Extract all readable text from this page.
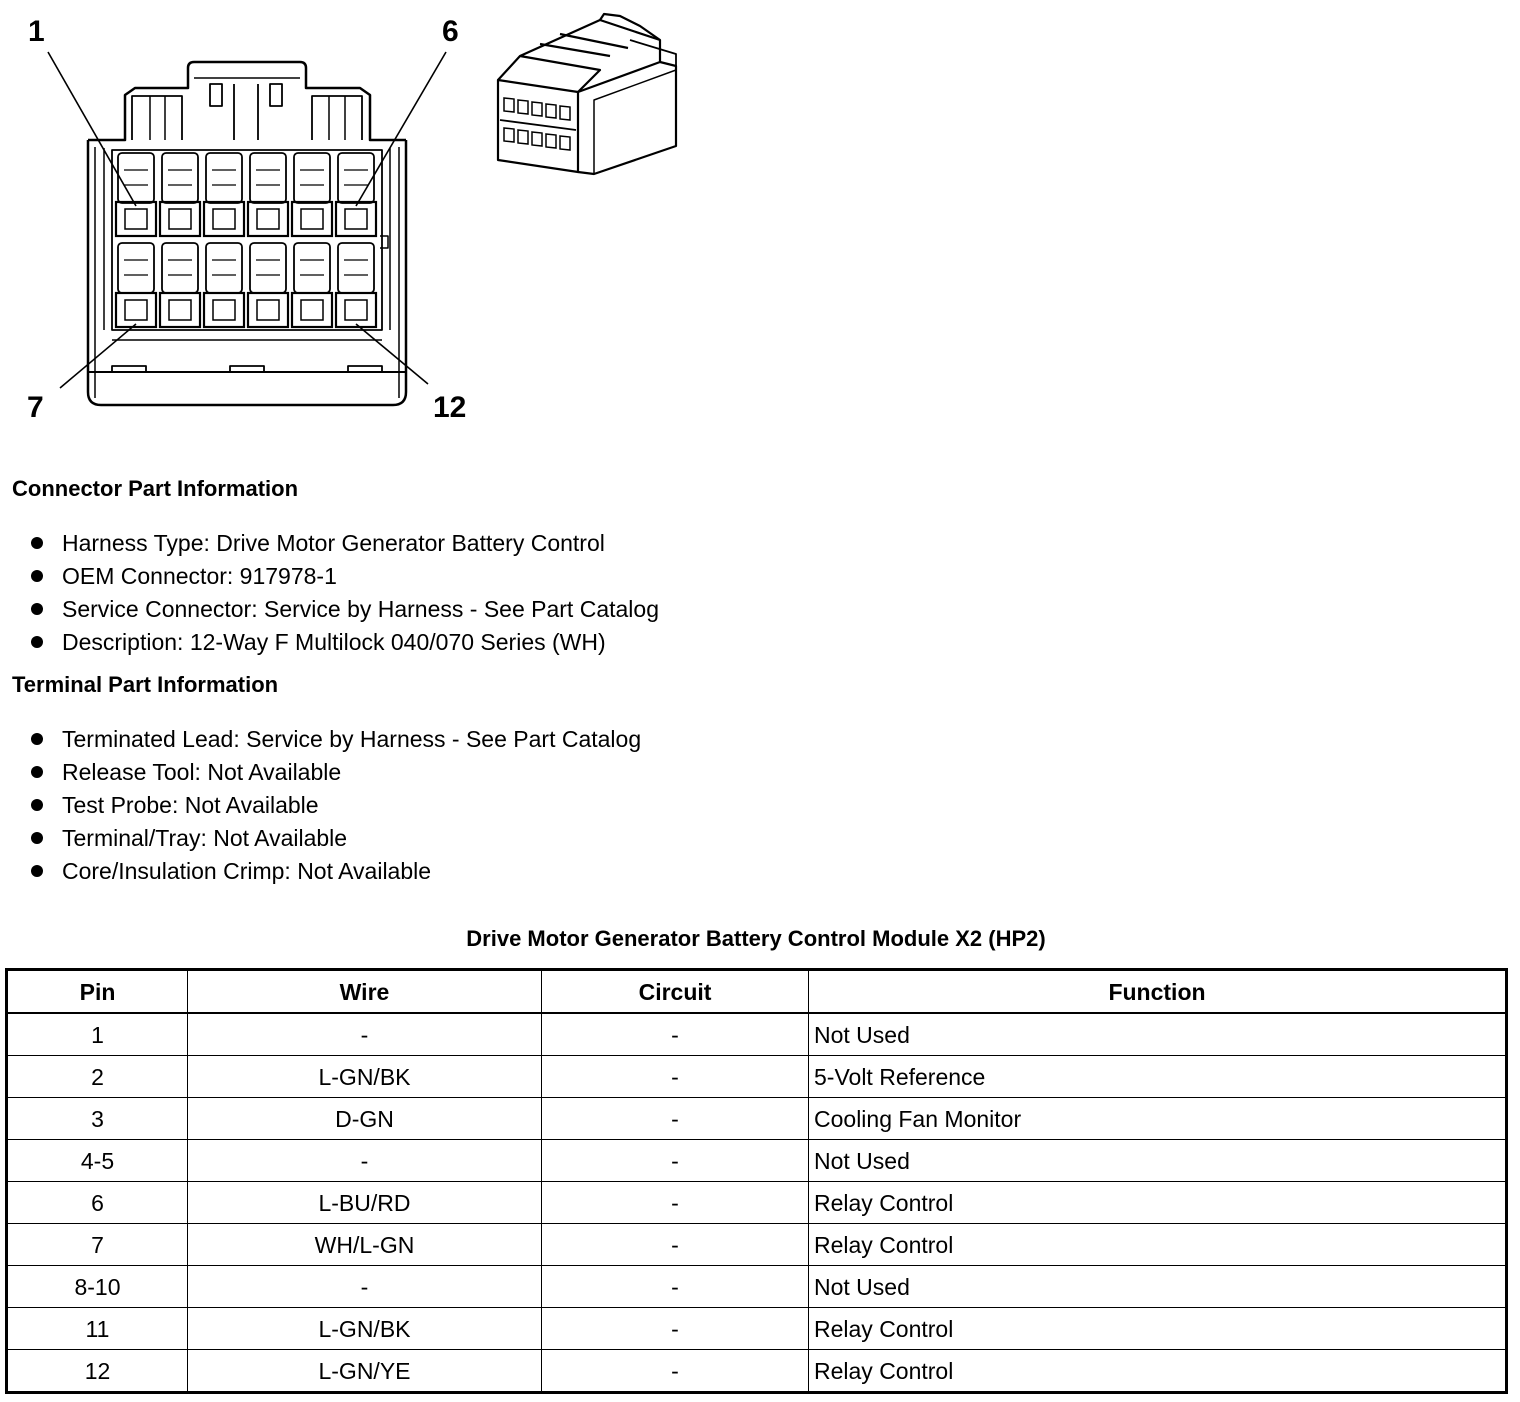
1	6
7	12
Connector Part Information
Harness Type: Drive Motor Generator Battery Control
OEM Connector: 917978-1
Service Connector: Service by Harness - See Part Catalog
Description: 12-Way F Multilock 040/070 Series (WH)
Terminal Part Information
Terminated Lead: Service by Harness - See Part Catalog
Release Tool: Not Available
Test Probe: Not Available
Terminal/Tray: Not Available
Core/Insulation Crimp: Not Available
Drive Motor Generator Battery Control Module X2 (HP2)
Pin	Wire	Circuit	Function
1	-	-	Not Used
2	L-GN/BK	-	5-Volt Reference
3	D-GN	-	Cooling Fan Monitor
4-5	-	-	Not Used
6	L-BU/RD	-	Relay Control
7	WH/L-GN	-	Relay Control
8-10	-	-	Not Used
11	L-GN/BK	-	Relay Control
12	L-GN/YE	-	Relay Control
